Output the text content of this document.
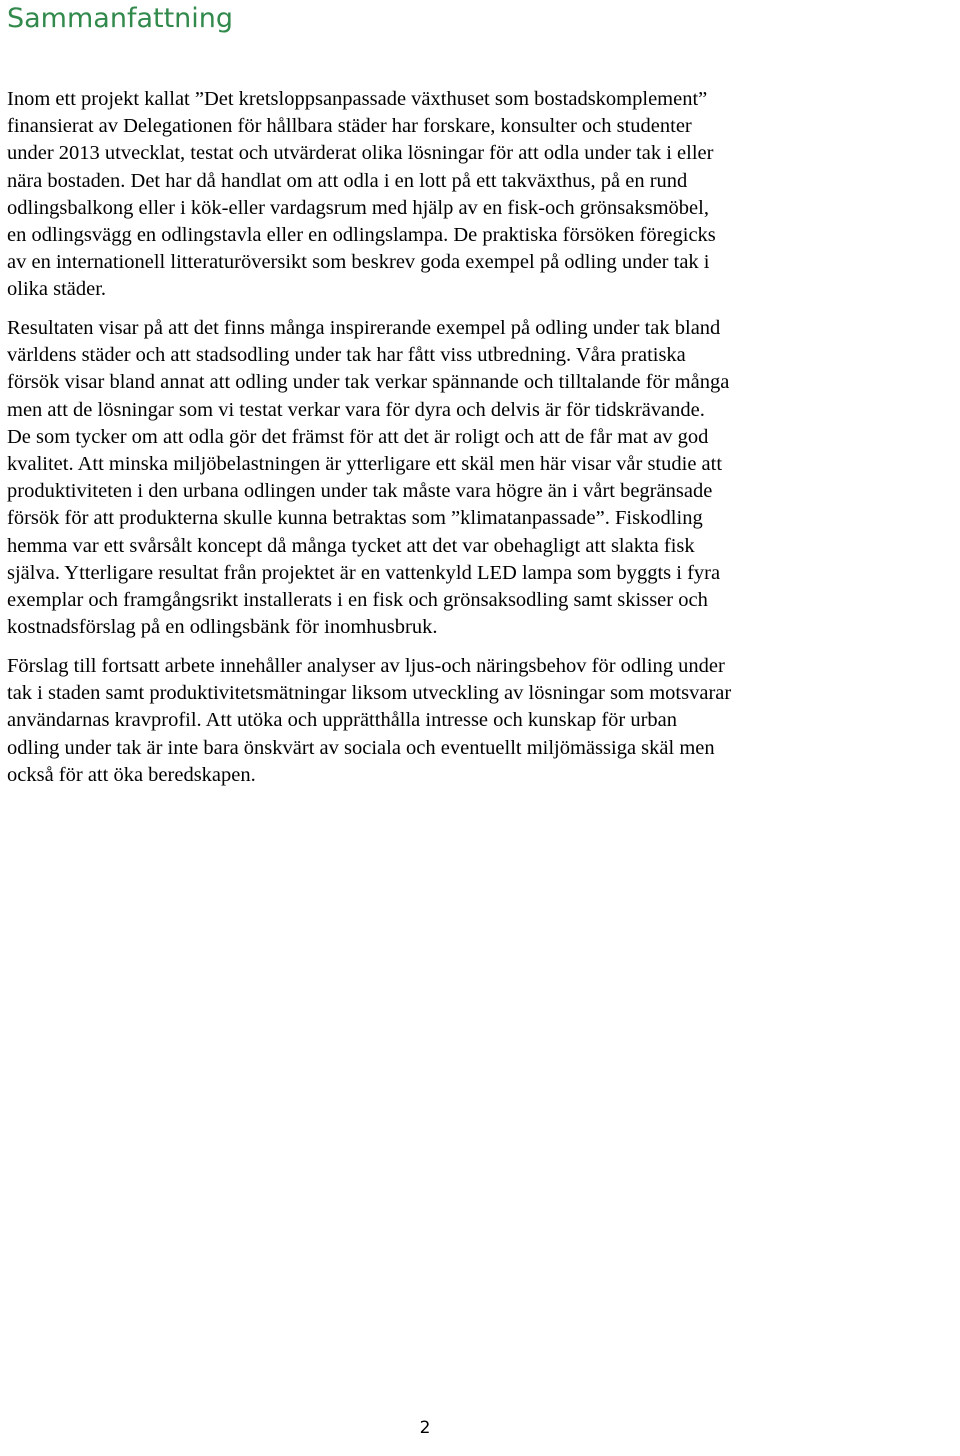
Sammanfattning

Inom ett projekt kallat ”Det kretsloppsanpassade växthuset som bostadskomplement”
finansierat av Delegationen för hållbara städer har forskare, konsulter och studenter
under 2013 utvecklat, testat och utvärderat olika lösningar för att odla under tak i eller
nära bostaden. Det har då handlat om att odla i en lott på ett takväxthus, på en rund
odlingsbalkong eller i kök-eller vardagsrum med hjälp av en fisk-och grönsaksmöbel,
en odlingsvägg en odlingstavla eller en odlingslampa. De praktiska försöken föregicks
av en internationell litteraturöversikt som beskrev goda exempel på odling under tak i
olika städer.

Resultaten visar på att det finns många inspirerande exempel på odling under tak bland
världens städer och att stadsodling under tak har fått viss utbredning. Våra pratiska
försök visar bland annat att odling under tak verkar spännande och tilltalande för många
men att de lösningar som vi testat verkar vara för dyra och delvis är för tidskrävande.
De som tycker om att odla gör det främst för att det är roligt och att de får mat av god
kvalitet. Att minska miljöbelastningen är ytterligare ett skäl men här visar vår studie att
produktiviteten i den urbana odlingen under tak måste vara högre än i vårt begränsade
försök för att produkterna skulle kunna betraktas som ”klimatanpassade”. Fiskodling
hemma var ett svårsålt koncept då många tycket att det var obehagligt att slakta fisk
själva. Ytterligare resultat från projektet är en vattenkyld LED lampa som byggts i fyra
exemplar och framgångsrikt installerats i en fisk och grönsaksodling samt skisser och
kostnadsförslag på en odlingsbänk för inomhusbruk.

Förslag till fortsatt arbete innehåller analyser av ljus-och näringsbehov för odling under
tak i staden samt produktivitetsmätningar liksom utveckling av lösningar som motsvarar
användarnas kravprofil. Att utöka och upprätthålla intresse och kunskap för urban
odling under tak är inte bara önskvärt av sociala och eventuellt miljömässiga skäl men
också för att öka beredskapen.

2
